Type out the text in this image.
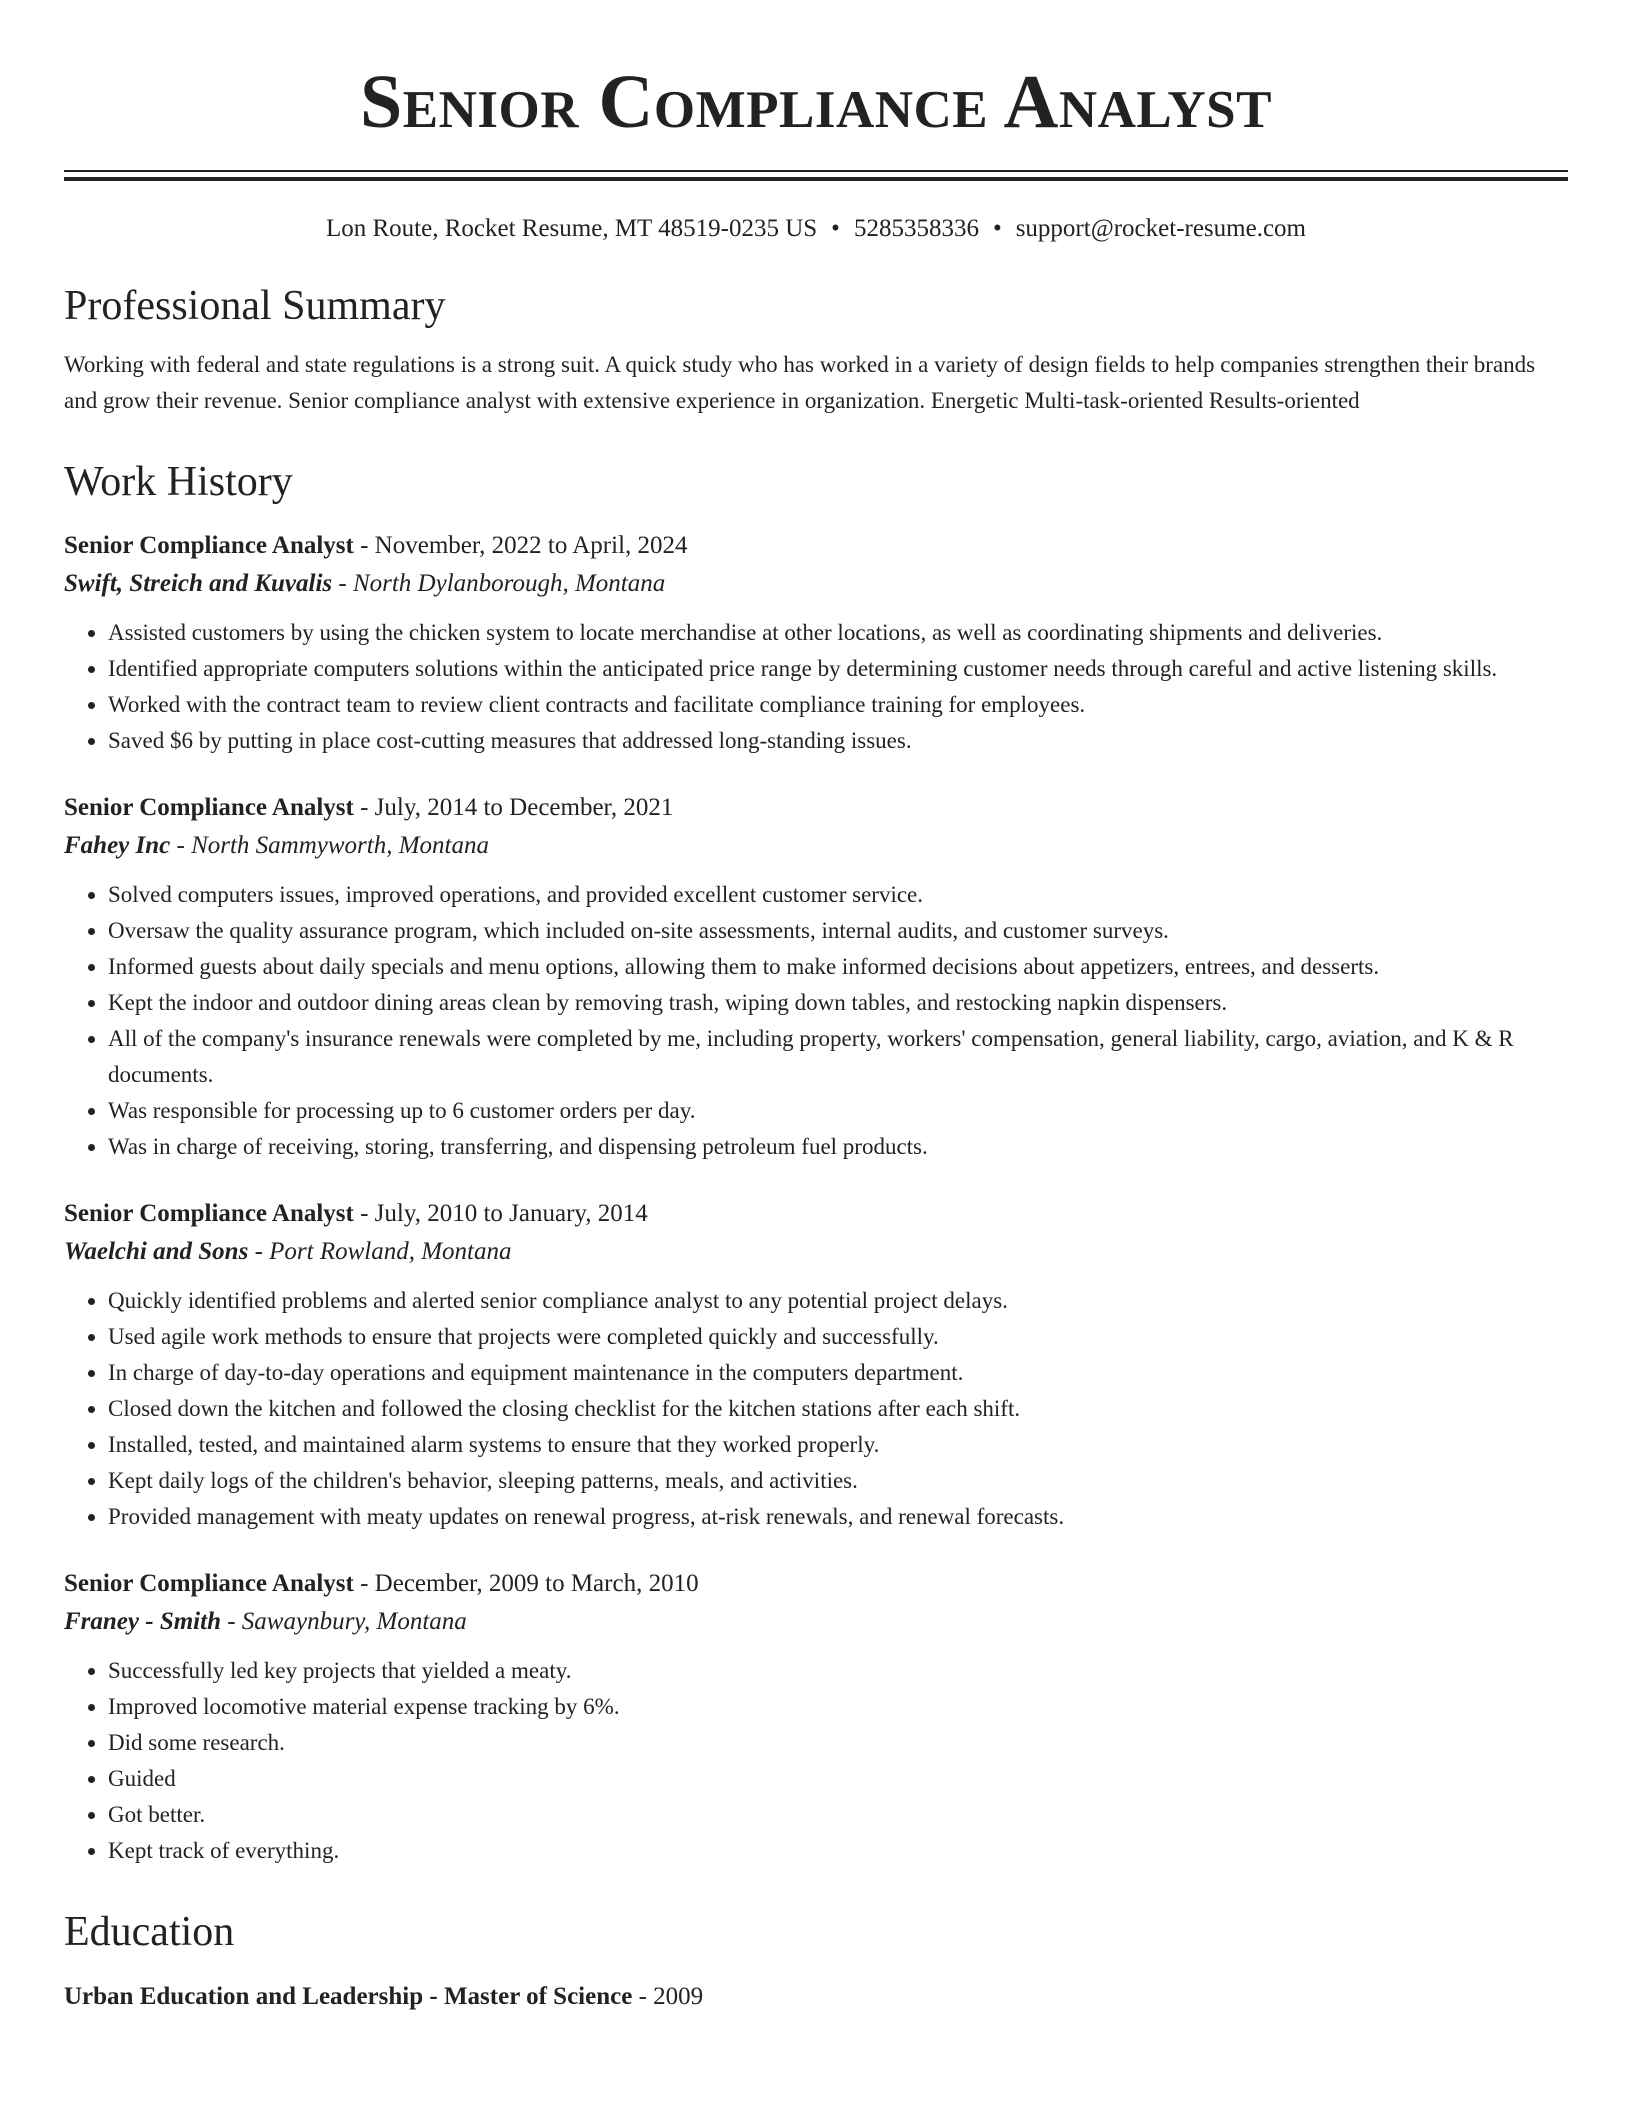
Senior Compliance Analyst
Lon Route, Rocket Resume, MT 48519-0235 US • 5285358336 • support@rocket-resume.com
Professional Summary

Working with federal and state regulations is a strong suit. A quick study who has worked in a variety of design fields to help companies strengthen their brands and grow their revenue. Senior compliance analyst with extensive experience in organization. Energetic Multi-task-oriented Results-oriented

Work History
Senior Compliance Analyst - November, 2022 to April, 2024
Swift, Streich and Kuvalis - North Dylanborough, Montana
• Assisted customers by using the chicken system to locate merchandise at other locations, as well as coordinating shipments and deliveries.
• Identified appropriate computers solutions within the anticipated price range by determining customer needs through careful and active listening skills.
• Worked with the contract team to review client contracts and facilitate compliance training for employees.
• Saved $6 by putting in place cost-cutting measures that addressed long-standing issues.
Senior Compliance Analyst - July, 2014 to December, 2021
Fahey Inc - North Sammyworth, Montana
• Solved computers issues, improved operations, and provided excellent customer service.
• Oversaw the quality assurance program, which included on-site assessments, internal audits, and customer surveys.
• Informed guests about daily specials and menu options, allowing them to make informed decisions about appetizers, entrees, and desserts.
• Kept the indoor and outdoor dining areas clean by removing trash, wiping down tables, and restocking napkin dispensers.
• All of the company's insurance renewals were completed by me, including property, workers' compensation, general liability, cargo, aviation, and K & R documents.
• Was responsible for processing up to 6 customer orders per day.
• Was in charge of receiving, storing, transferring, and dispensing petroleum fuel products.
Senior Compliance Analyst - July, 2010 to January, 2014
Waelchi and Sons - Port Rowland, Montana
• Quickly identified problems and alerted senior compliance analyst to any potential project delays.
• Used agile work methods to ensure that projects were completed quickly and successfully.
• In charge of day-to-day operations and equipment maintenance in the computers department.
• Closed down the kitchen and followed the closing checklist for the kitchen stations after each shift.
• Installed, tested, and maintained alarm systems to ensure that they worked properly.
• Kept daily logs of the children's behavior, sleeping patterns, meals, and activities.
• Provided management with meaty updates on renewal progress, at-risk renewals, and renewal forecasts.
Senior Compliance Analyst - December, 2009 to March, 2010
Franey - Smith - Sawaynbury, Montana
• Successfully led key projects that yielded a meaty.
• Improved locomotive material expense tracking by 6%.
• Did some research.
• Guided
• Got better.
• Kept track of everything.
Education
Urban Education and Leadership - Master of Science - 2009
